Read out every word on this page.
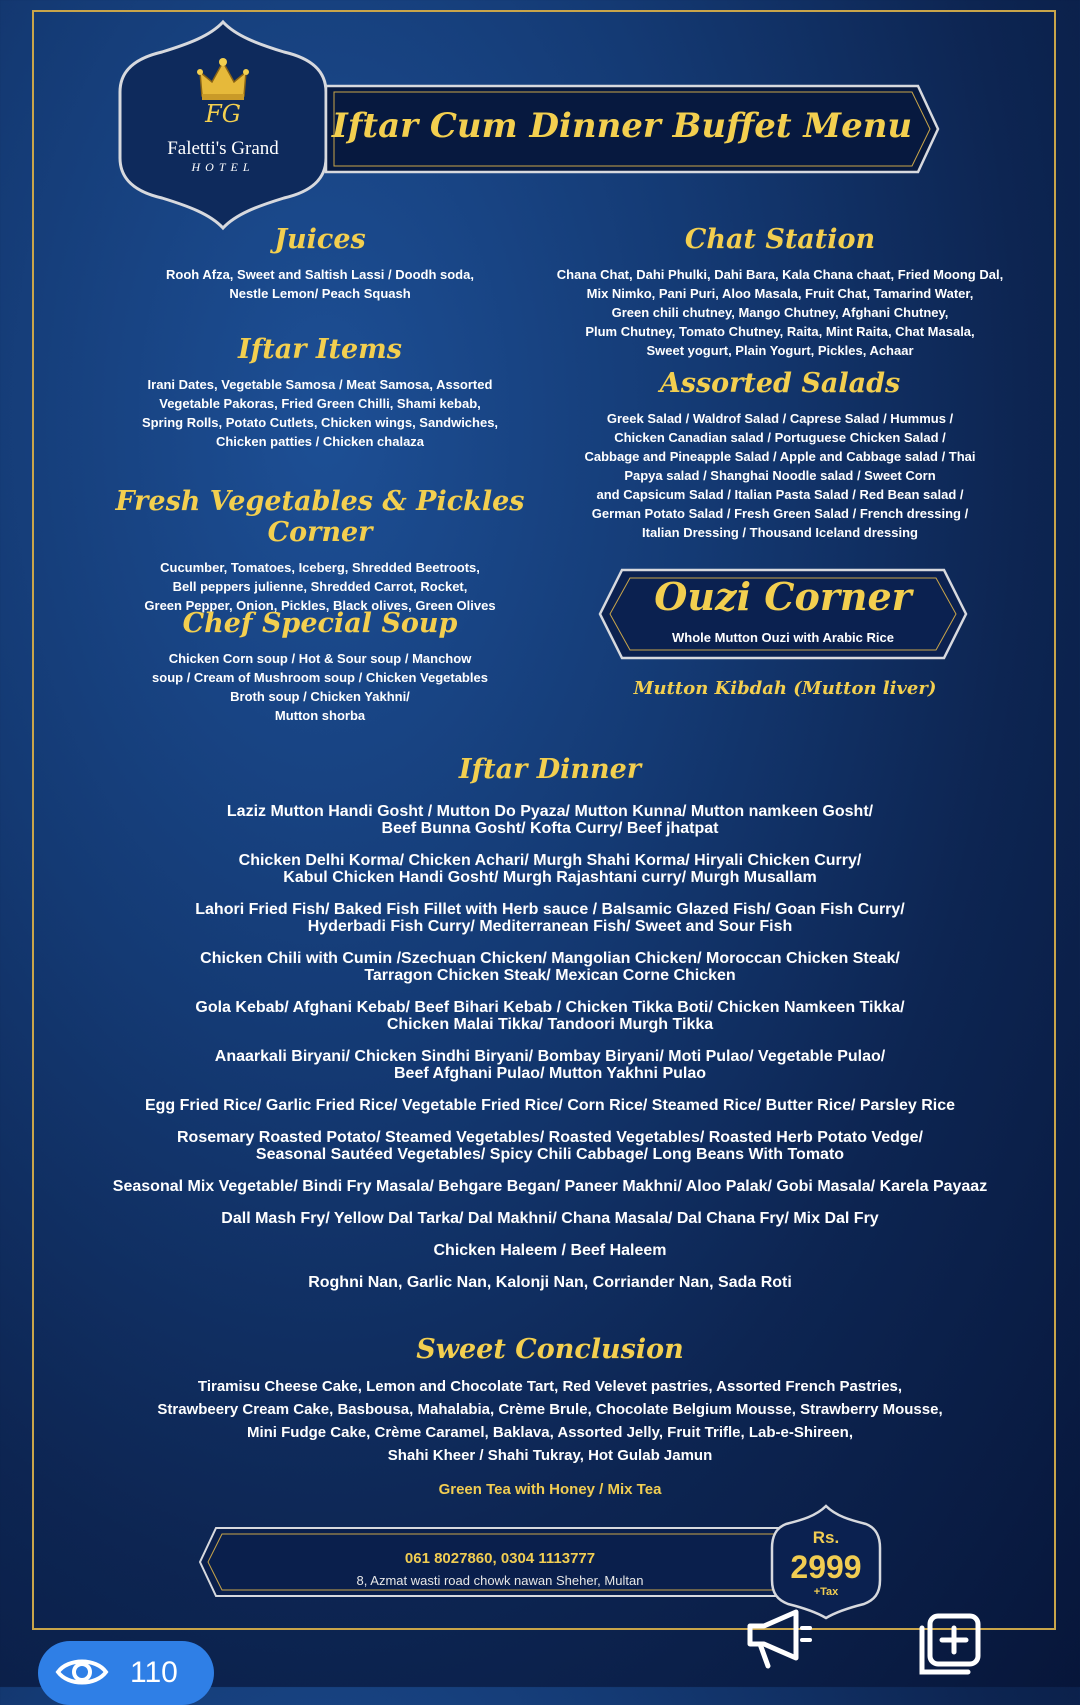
FG
Faletti's Grand
HOTEL
Iftar Cum Dinner Buffet Menu
Juices
Rooh Afza, Sweet and Saltish Lassi / Doodh soda,
Nestle Lemon/ Peach Squash
Iftar Items
Irani Dates, Vegetable Samosa / Meat Samosa, Assorted
Vegetable Pakoras, Fried Green Chilli, Shami kebab,
Spring Rolls, Potato Cutlets, Chicken wings, Sandwiches,
Chicken patties / Chicken chalaza
Fresh Vegetables & Pickles Corner
Cucumber, Tomatoes, Iceberg, Shredded Beetroots,
Bell peppers julienne, Shredded Carrot, Rocket,
Green Pepper, Onion, Pickles, Black olives, Green Olives
Chef Special Soup
Chicken Corn soup / Hot & Sour soup / Manchow
soup / Cream of Mushroom soup / Chicken Vegetables
Broth soup / Chicken Yakhni/
Mutton shorba
Chat Station
Chana Chat, Dahi Phulki, Dahi Bara, Kala Chana chaat, Fried Moong Dal,
Mix Nimko, Pani Puri, Aloo Masala, Fruit Chat, Tamarind Water,
Green chili chutney, Mango Chutney, Afghani Chutney,
Plum Chutney, Tomato Chutney, Raita, Mint Raita, Chat Masala,
Sweet yogurt, Plain Yogurt, Pickles, Achaar
Assorted Salads
Greek Salad / Waldrof Salad / Caprese Salad / Hummus /
Chicken Canadian salad / Portuguese Chicken Salad /
Cabbage and Pineapple Salad / Apple and Cabbage salad / Thai
Papya salad / Shanghai Noodle salad / Sweet Corn
and Capsicum Salad / Italian Pasta Salad / Red Bean salad /
German Potato Salad / Fresh Green Salad / French dressing /
Italian Dressing / Thousand Iceland dressing
Ouzi Corner
Whole Mutton Ouzi with Arabic Rice
Mutton Kibdah (Mutton liver)
Iftar Dinner
Laziz Mutton Handi Gosht / Mutton Do Pyaza/ Mutton Kunna/ Mutton namkeen Gosht/
Beef Bunna Gosht/ Kofta Curry/ Beef jhatpat
Chicken Delhi Korma/ Chicken Achari/ Murgh Shahi Korma/ Hiryali Chicken Curry/
Kabul Chicken Handi Gosht/ Murgh Rajashtani curry/ Murgh Musallam
Lahori Fried Fish/ Baked Fish Fillet with Herb sauce / Balsamic Glazed Fish/ Goan Fish Curry/
Hyderbadi Fish Curry/ Mediterranean Fish/ Sweet and Sour Fish
Chicken Chili with Cumin /Szechuan Chicken/ Mangolian Chicken/ Moroccan Chicken Steak/
Tarragon Chicken Steak/ Mexican Corne Chicken
Gola Kebab/ Afghani Kebab/ Beef Bihari Kebab / Chicken Tikka Boti/ Chicken Namkeen Tikka/
Chicken Malai Tikka/ Tandoori Murgh Tikka
Anaarkali Biryani/ Chicken Sindhi Biryani/ Bombay Biryani/ Moti Pulao/ Vegetable Pulao/
Beef Afghani Pulao/ Mutton Yakhni Pulao
Egg Fried Rice/ Garlic Fried Rice/ Vegetable Fried Rice/ Corn Rice/ Steamed Rice/ Butter Rice/ Parsley Rice
Rosemary Roasted Potato/ Steamed Vegetables/ Roasted Vegetables/ Roasted Herb Potato Vedge/
Seasonal Sautéed Vegetables/ Spicy Chili Cabbage/ Long Beans With Tomato
Seasonal Mix Vegetable/ Bindi Fry Masala/ Behgare Began/ Paneer Makhni/ Aloo Palak/ Gobi Masala/ Karela Payaaz
Dall Mash Fry/ Yellow Dal Tarka/ Dal Makhni/ Chana Masala/ Dal Chana Fry/ Mix Dal Fry
Chicken Haleem / Beef Haleem
Roghni Nan, Garlic Nan, Kalonji Nan, Corriander Nan, Sada Roti
Sweet Conclusion
Tiramisu Cheese Cake, Lemon and Chocolate Tart, Red Velevet pastries, Assorted French Pastries,
Strawbeery Cream Cake, Basbousa, Mahalabia, Crème Brule, Chocolate Belgium Mousse, Strawberry Mousse,
Mini Fudge Cake, Crème Caramel, Baklava, Assorted Jelly, Fruit Trifle, Lab-e-Shireen,
Shahi Kheer / Shahi Tukray, Hot Gulab Jamun
Green Tea with Honey / Mix Tea
061 8027860, 0304 1113777
8, Azmat wasti road chowk nawan Sheher, Multan
Rs.
2999
+Tax
110
